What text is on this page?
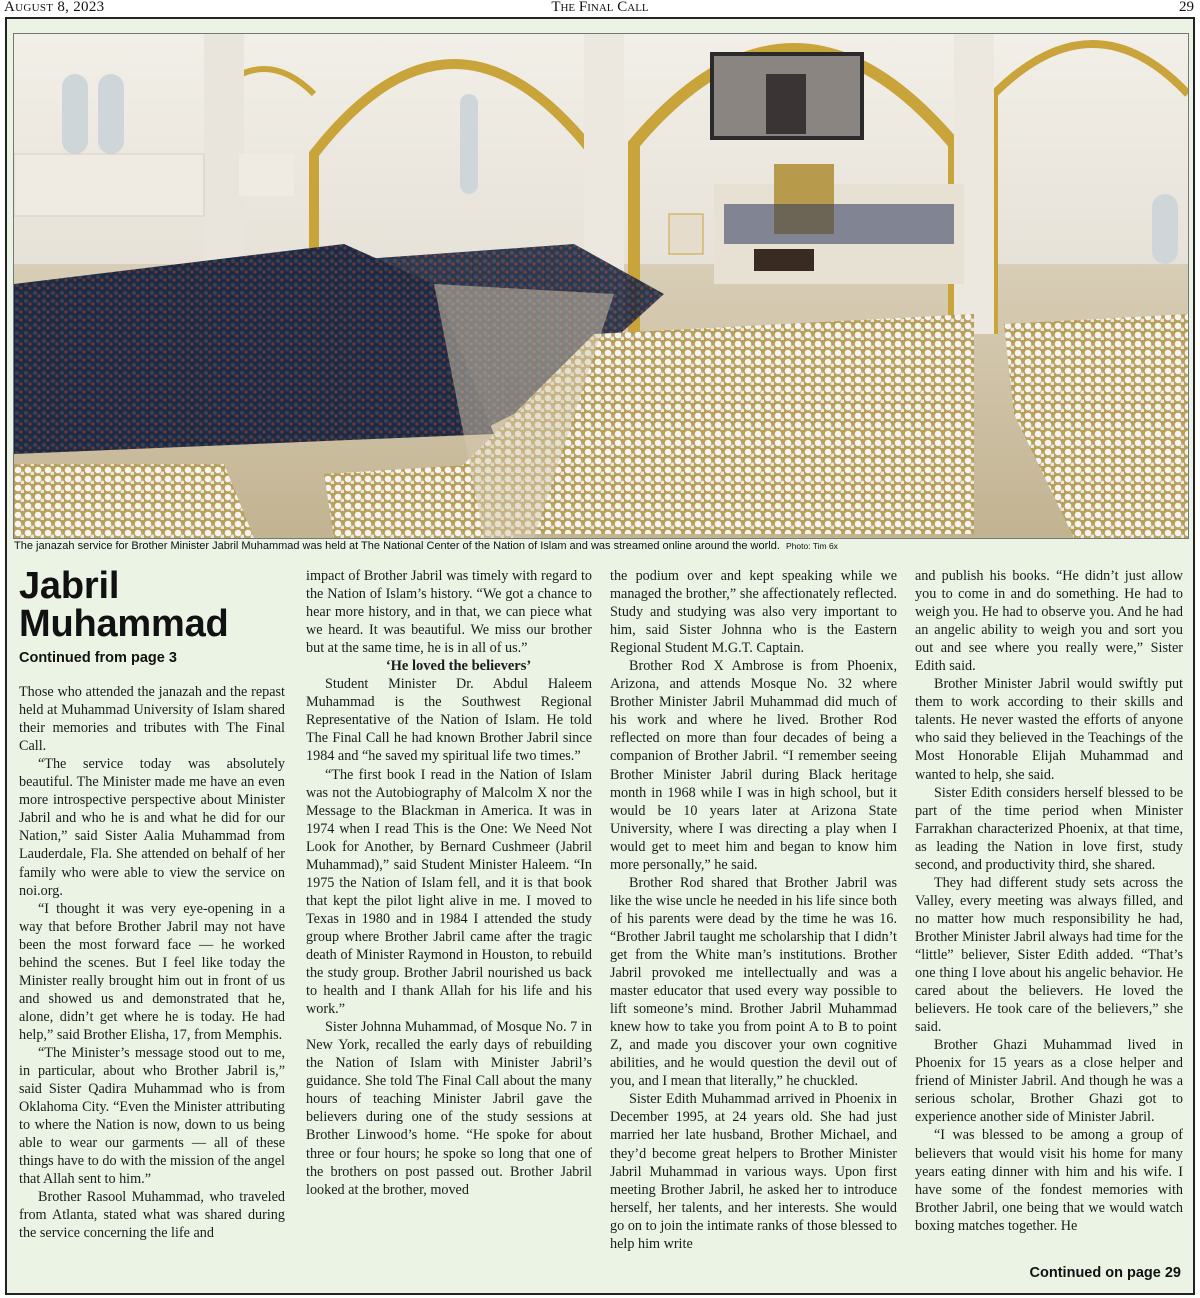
August 8, 2023	The Final Call	29
The janazah service for Brother Minister Jabril Muhammad was held at The National Center of the Nation of Islam and was streamed online around the world. Photo: Tim 6x
Jabril Muhammad
Continued from page 3

Those who attended the janazah and the repast held at Muhammad University of Islam shared their memories and tributes with The Final Call.

“The service today was absolutely beautiful. The Minister made me have an even more introspective perspective about Minister Jabril and who he is and what he did for our Nation,” said Sister Aalia Muhammad from Lauderdale, Fla. She attended on behalf of her family who were able to view the service on noi.org.

“I thought it was very eye-opening in a way that before Brother Jabril may not have been the most forward face — he worked behind the scenes. But I feel like today the Minister really brought him out in front of us and showed us and demonstrated that he, alone, didn’t get where he is today. He had help,” said Brother Elisha, 17, from Memphis.

“The Minister’s message stood out to me, in particular, about who Brother Jabril is,” said Sister Qadira Muhammad who is from Oklahoma City. “Even the Minister attributing to where the Nation is now, down to us being able to wear our garments — all of these things have to do with the mission of the angel that Allah sent to him.”

Brother Rasool Muhammad, who traveled from Atlanta, stated what was shared during the service concerning the life and

impact of Brother Jabril was timely with regard to the Nation of Islam’s history. “We got a chance to hear more history, and in that, we can piece what we heard. It was beautiful. We miss our brother but at the same time, he is in all of us.”

‘He loved the believers’

Student Minister Dr. Abdul Haleem Muhammad is the Southwest Regional Representative of the Nation of Islam. He told The Final Call he had known Brother Jabril since 1984 and “he saved my spiritual life two times.”

“The first book I read in the Nation of Islam was not the Autobiography of Malcolm X nor the Message to the Blackman in America. It was in 1974 when I read This is the One: We Need Not Look for Another, by Bernard Cushmeer (Jabril Muhammad),” said Student Minister Haleem. “In 1975 the Nation of Islam fell, and it is that book that kept the pilot light alive in me. I moved to Texas in 1980 and in 1984 I attended the study group where Brother Jabril came after the tragic death of Minister Raymond in Houston, to rebuild the study group. Brother Jabril nourished us back to health and I thank Allah for his life and his work.”

Sister Johnna Muhammad, of Mosque No. 7 in New York, recalled the early days of rebuilding the Nation of Islam with Minister Jabril’s guidance. She told The Final Call about the many hours of teaching Minister Jabril gave the believers during one of the study sessions at Brother Linwood’s home. “He spoke for about three or four hours; he spoke so long that one of the brothers on post passed out. Brother Jabril looked at the brother, moved

the podium over and kept speaking while we managed the brother,” she affectionately reflected. Study and studying was also very important to him, said Sister Johnna who is the Eastern Regional Student M.G.T. Captain.

Brother Rod X Ambrose is from Phoenix, Arizona, and attends Mosque No. 32 where Brother Minister Jabril Muhammad did much of his work and where he lived. Brother Rod reflected on more than four decades of being a companion of Brother Jabril. “I remember seeing Brother Minister Jabril during Black heritage month in 1968 while I was in high school, but it would be 10 years later at Arizona State University, where I was directing a play when I would get to meet him and began to know him more personally,” he said.

Brother Rod shared that Brother Jabril was like the wise uncle he needed in his life since both of his parents were dead by the time he was 16. “Brother Jabril taught me scholarship that I didn’t get from the White man’s institutions. Brother Jabril provoked me intellectually and was a master educator that used every way possible to lift someone’s mind. Brother Jabril Muhammad knew how to take you from point A to B to point Z, and made you discover your own cognitive abilities, and he would question the devil out of you, and I mean that literally,” he chuckled.

Sister Edith Muhammad arrived in Phoenix in December 1995, at 24 years old. She had just married her late husband, Brother Michael, and they’d become great helpers to Brother Minister Jabril Muhammad in various ways. Upon first meeting Brother Jabril, he asked her to introduce herself, her talents, and her interests. She would go on to join the intimate ranks of those blessed to help him write

and publish his books. “He didn’t just allow you to come in and do something. He had to weigh you. He had to observe you. And he had an angelic ability to weigh you and sort you out and see where you really were,” Sister Edith said.

Brother Minister Jabril would swiftly put them to work according to their skills and talents. He never wasted the efforts of anyone who said they believed in the Teachings of the Most Honorable Elijah Muhammad and wanted to help, she said.

Sister Edith considers herself blessed to be part of the time period when Minister Farrakhan characterized Phoenix, at that time, as leading the Nation in love first, study second, and productivity third, she shared.

They had different study sets across the Valley, every meeting was always filled, and no matter how much responsibility he had, Brother Minister Jabril always had time for the “little” believer, Sister Edith added. “That’s one thing I love about his angelic behavior. He cared about the believers. He loved the believers. He took care of the believers,” she said.

Brother Ghazi Muhammad lived in Phoenix for 15 years as a close helper and friend of Minister Jabril. And though he was a serious scholar, Brother Ghazi got to experience another side of Minister Jabril.

“I was blessed to be among a group of believers that would visit his home for many years eating dinner with him and his wife. I have some of the fondest memories with Brother Jabril, one being that we would watch boxing matches together. He

Continued on page 29
